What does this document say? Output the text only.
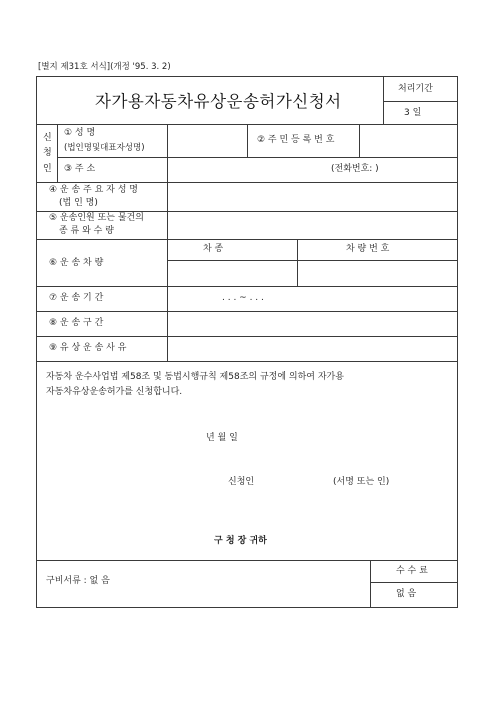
[별지 제31호 서식](개정 '95. 3. 2)
자가용자동차유상운송허가신청서
처리기간
3 일
신
청
인
① 성 명
(법인명및대표자성명)
② 주 민 등 록 번 호
③ 주 소	(전화번호: )
④ 운 송 주 요 자 성 명
(법 인 명)
⑤ 운송인원 또는 물건의
종 류 와 수 량
⑥ 운 송 차 량
차 종	차 량 번 호
⑦ 운 송 기 간	. . . ~ . . .
⑧ 운 송 구 간
⑨ 유 상 운 송 사 유
자동차 운수사업법 제58조 및 동법시행규칙 제58조의 규정에 의하여 자가용
자동차유상운송허가를 신청합니다.
년 월 일
신청인	(서명 또는 인)
구 청 장 귀하
구비서류 : 없 음
수 수 료
없 음
